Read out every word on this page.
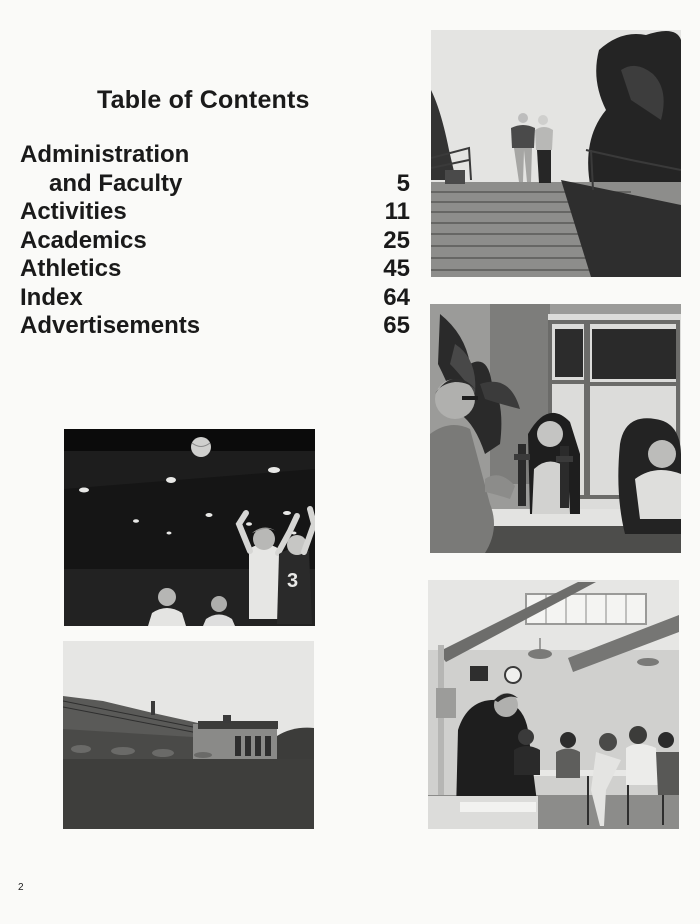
Table of Contents
Administration
and Faculty	5
Activities	11
Academics	25
Athletics	45
Index	64
Advertisements	65
3
2
